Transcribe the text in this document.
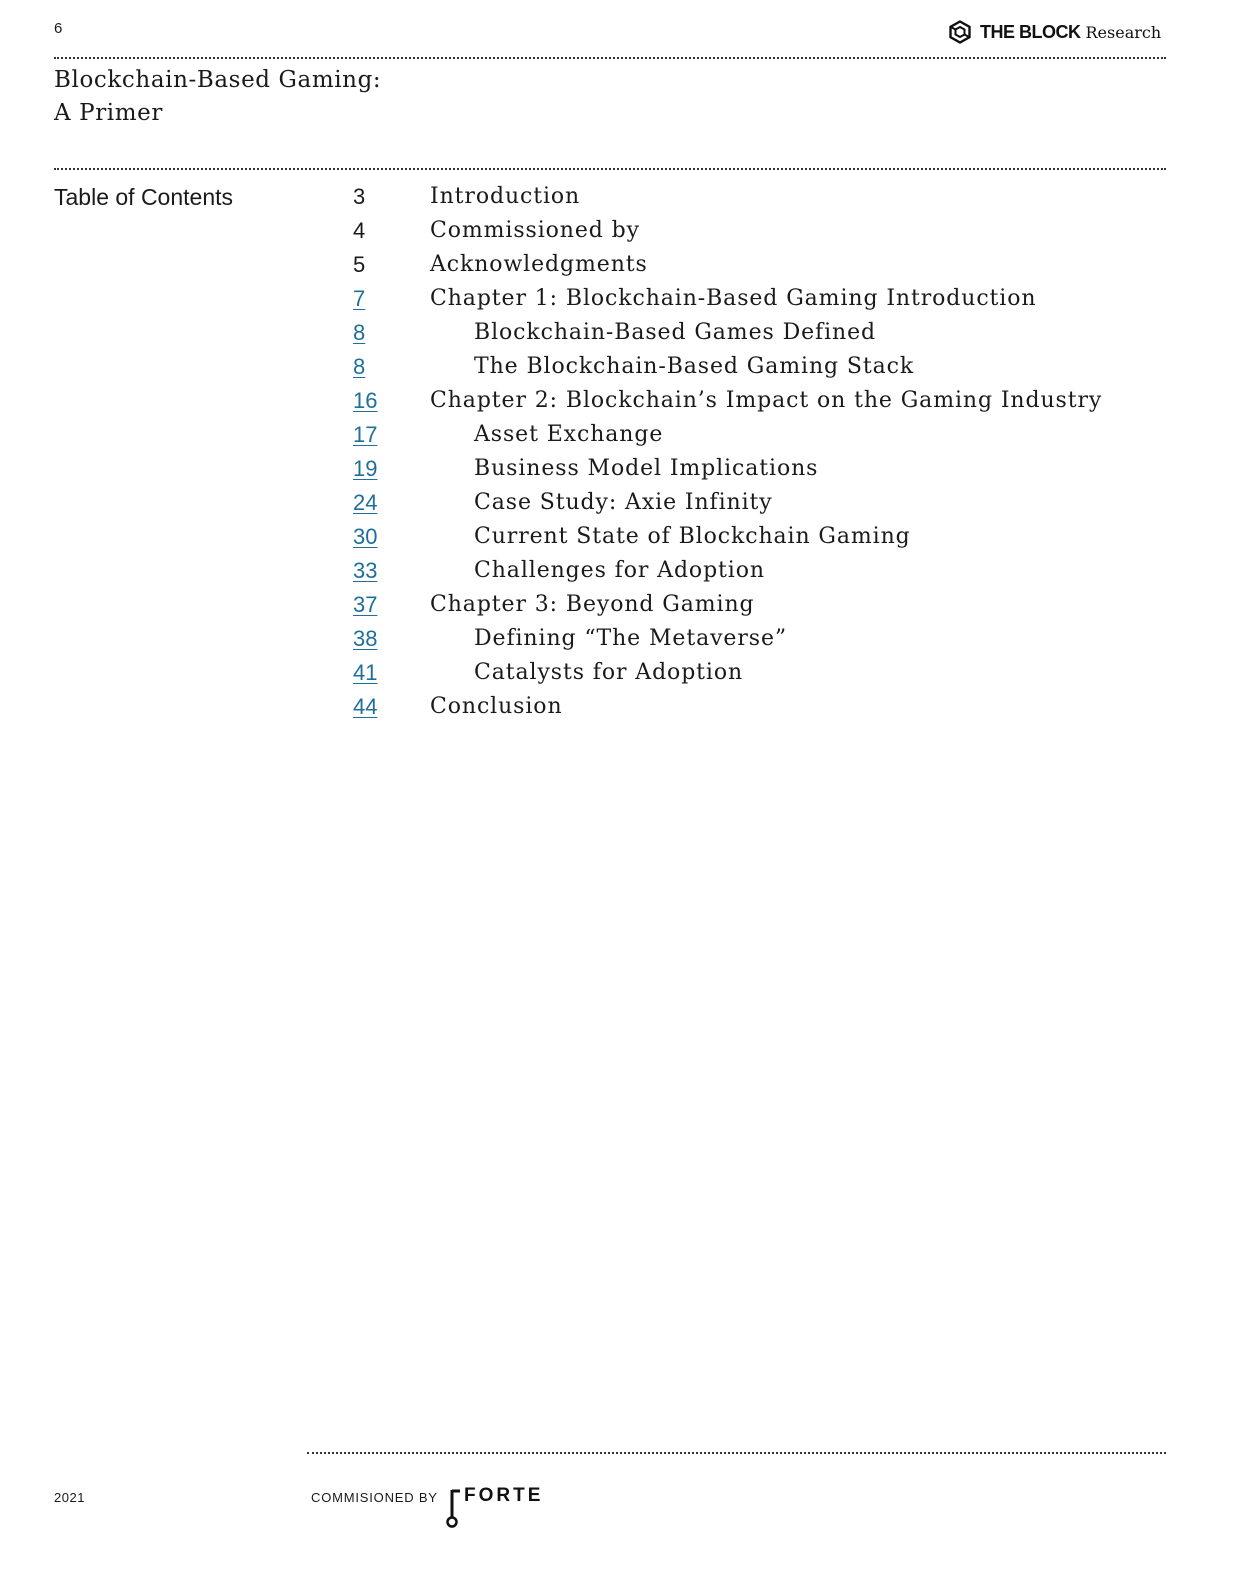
6	THE BLOCK Research
Blockchain-Based Gaming:
A Primer
Table of Contents	3	Introduction
4	Commissioned by
5	Acknowledgments
7	Chapter 1: Blockchain-Based Gaming Introduction
8	Blockchain-Based Games Defined
8	The Blockchain-Based Gaming Stack
16	Chapter 2: Blockchain’s Impact on the Gaming Industry
17	Asset Exchange
19	Business Model Implications
24	Case Study: Axie Infinity
30	Current State of Blockchain Gaming
33	Challenges for Adoption
37	Chapter 3: Beyond Gaming
38	Defining “The Metaverse”
41	Catalysts for Adoption
44	Conclusion
2021	COMMISIONED BY FORTE
